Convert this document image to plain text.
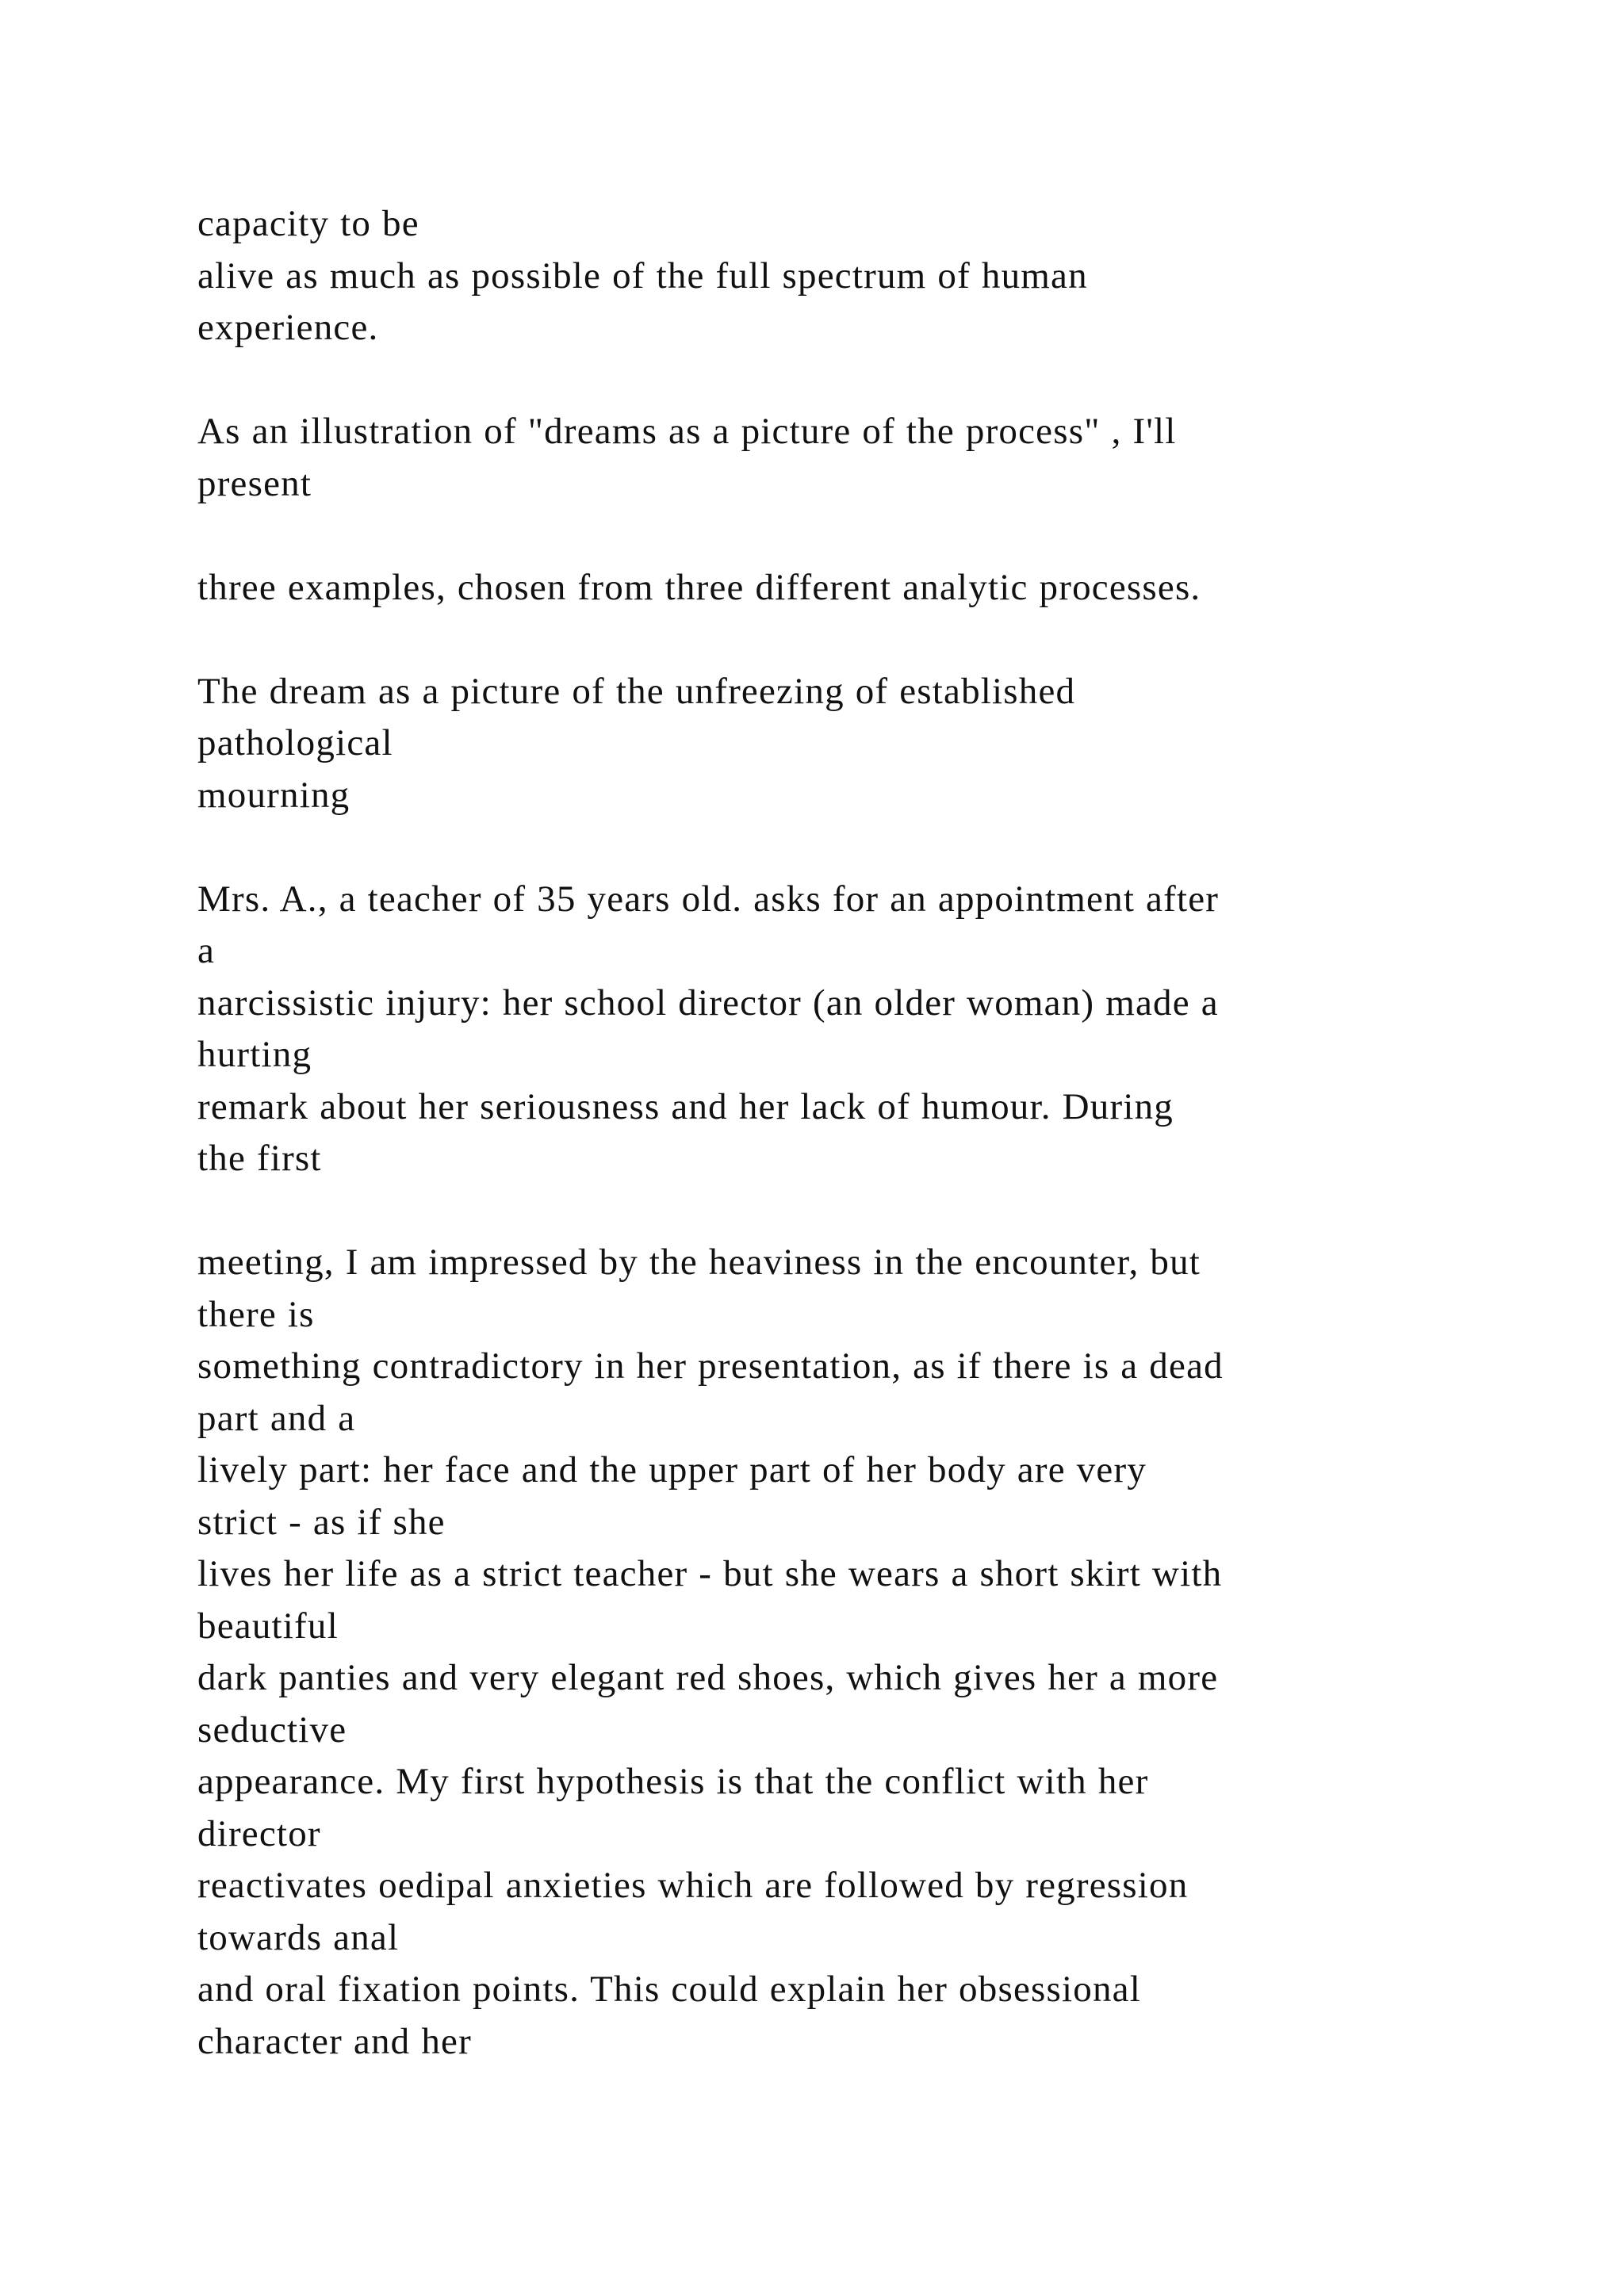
capacity to be
alive as much as possible of the full spectrum of human
experience.
As an illustration of "dreams as a picture of the process" , I'll
present
three examples, chosen from three different analytic processes.
The dream as a picture of the unfreezing of established
pathological
mourning
Mrs. A., a teacher of 35 years old. asks for an appointment after
a
narcissistic injury: her school director (an older woman) made a
hurting
remark about her seriousness and her lack of humour. During
the first
meeting, I am impressed by the heaviness in the encounter, but
there is
something contradictory in her presentation, as if there is a dead
part and a
lively part: her face and the upper part of her body are very
strict - as if she
lives her life as a strict teacher - but she wears a short skirt with
beautiful
dark panties and very elegant red shoes, which gives her a more
seductive
appearance. My first hypothesis is that the conflict with her
director
reactivates oedipal anxieties which are followed by regression
towards anal
and oral fixation points. This could explain her obsessional
character and her
